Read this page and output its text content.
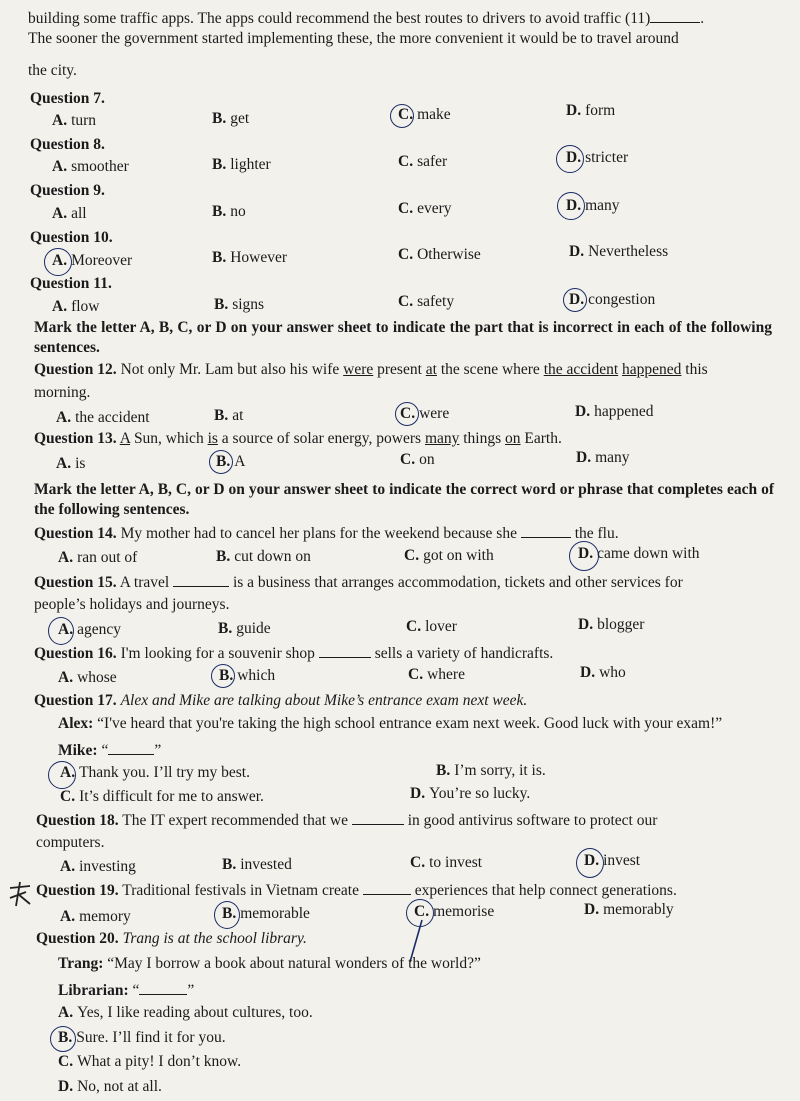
building some traffic apps. The apps could recommend the best routes to drivers to avoid traffic (11)	.
The sooner the government started implementing these, the more convenient it would be to travel around
the city.
Question 7.
A. turn	B. get	C. make	D. form
Question 8.
A. smoother	B. lighter	C. safer	D. stricter
Question 9.
A. all	B. no	C. every	D. many
Question 10.
A. Moreover	B. However	C. Otherwise	D. Nevertheless
Question 11.
A. flow	B. signs	C. safety	D. congestion
Mark the letter A, B, C, or D on your answer sheet to indicate the part that is incorrect in each of the following sentences.
Question 12. Not only Mr. Lam but also his wife were present at the scene where the accident happened this
morning.
A. the accident	B. at	C. were	D. happened
Question 13. A Sun, which is a source of solar energy, powers many things on Earth.
A. is	B. A	C. on	D. many
Mark the letter A, B, C, or D on your answer sheet to indicate the correct word or phrase that completes each of the following sentences.
Question 14. My mother had to cancel her plans for the weekend because she	the flu.
A. ran out of	B. cut down on	C. got on with	D. came down with
Question 15. A travel	is a business that arranges accommodation, tickets and other services for
people’s holidays and journeys.
A. agency	B. guide	C. lover	D. blogger
Question 16. I'm looking for a souvenir shop	sells a variety of handicrafts.
A. whose	B. which	C. where	D. who
Question 17. Alex and Mike are talking about Mike’s entrance exam next week.
Alex: “I've heard that you're taking the high school entrance exam next week. Good luck with your exam!”
Mike: “	”
A. Thank you. I’ll try my best.	B. I’m sorry, it is.
C. It’s difficult for me to answer.	D. You’re so lucky.
Question 18. The IT expert recommended that we	in good antivirus software to protect our
computers.
A. investing	B. invested	C. to invest	D. invest
Question 19. Traditional festivals in Vietnam create	experiences that help connect generations.
A. memory	B. memorable	C. memorise	D. memorably
Question 20. Trang is at the school library.
Trang: “May I borrow a book about natural wonders of the world?”
Librarian: “	”
A. Yes, I like reading about cultures, too.
B. Sure. I’ll find it for you.
C. What a pity! I don’t know.
D. No, not at all.
